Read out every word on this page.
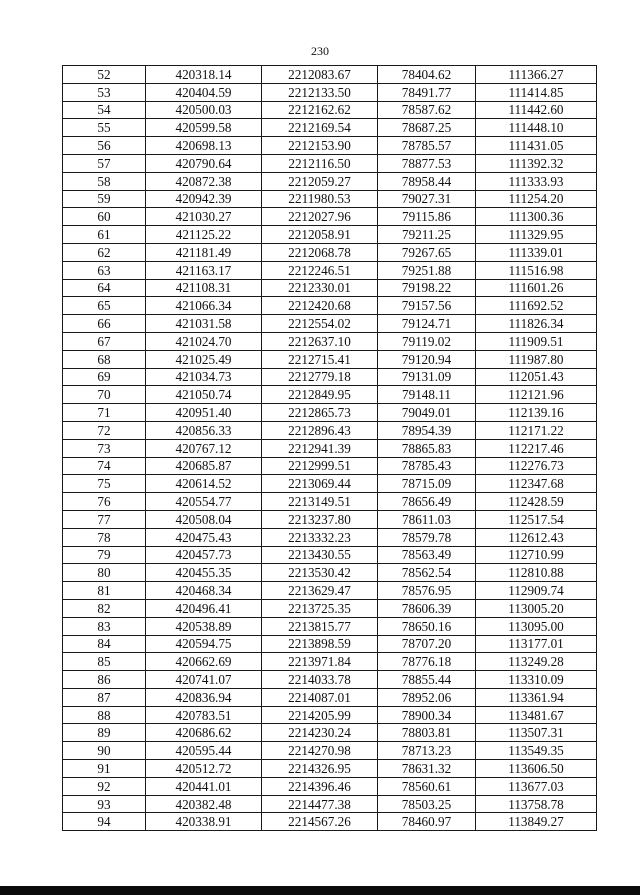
230
52	420318.14	2212083.67	78404.62	111366.27
53	420404.59	2212133.50	78491.77	111414.85
54	420500.03	2212162.62	78587.62	111442.60
55	420599.58	2212169.54	78687.25	111448.10
56	420698.13	2212153.90	78785.57	111431.05
57	420790.64	2212116.50	78877.53	111392.32
58	420872.38	2212059.27	78958.44	111333.93
59	420942.39	2211980.53	79027.31	111254.20
60	421030.27	2212027.96	79115.86	111300.36
61	421125.22	2212058.91	79211.25	111329.95
62	421181.49	2212068.78	79267.65	111339.01
63	421163.17	2212246.51	79251.88	111516.98
64	421108.31	2212330.01	79198.22	111601.26
65	421066.34	2212420.68	79157.56	111692.52
66	421031.58	2212554.02	79124.71	111826.34
67	421024.70	2212637.10	79119.02	111909.51
68	421025.49	2212715.41	79120.94	111987.80
69	421034.73	2212779.18	79131.09	112051.43
70	421050.74	2212849.95	79148.11	112121.96
71	420951.40	2212865.73	79049.01	112139.16
72	420856.33	2212896.43	78954.39	112171.22
73	420767.12	2212941.39	78865.83	112217.46
74	420685.87	2212999.51	78785.43	112276.73
75	420614.52	2213069.44	78715.09	112347.68
76	420554.77	2213149.51	78656.49	112428.59
77	420508.04	2213237.80	78611.03	112517.54
78	420475.43	2213332.23	78579.78	112612.43
79	420457.73	2213430.55	78563.49	112710.99
80	420455.35	2213530.42	78562.54	112810.88
81	420468.34	2213629.47	78576.95	112909.74
82	420496.41	2213725.35	78606.39	113005.20
83	420538.89	2213815.77	78650.16	113095.00
84	420594.75	2213898.59	78707.20	113177.01
85	420662.69	2213971.84	78776.18	113249.28
86	420741.07	2214033.78	78855.44	113310.09
87	420836.94	2214087.01	78952.06	113361.94
88	420783.51	2214205.99	78900.34	113481.67
89	420686.62	2214230.24	78803.81	113507.31
90	420595.44	2214270.98	78713.23	113549.35
91	420512.72	2214326.95	78631.32	113606.50
92	420441.01	2214396.46	78560.61	113677.03
93	420382.48	2214477.38	78503.25	113758.78
94	420338.91	2214567.26	78460.97	113849.27
